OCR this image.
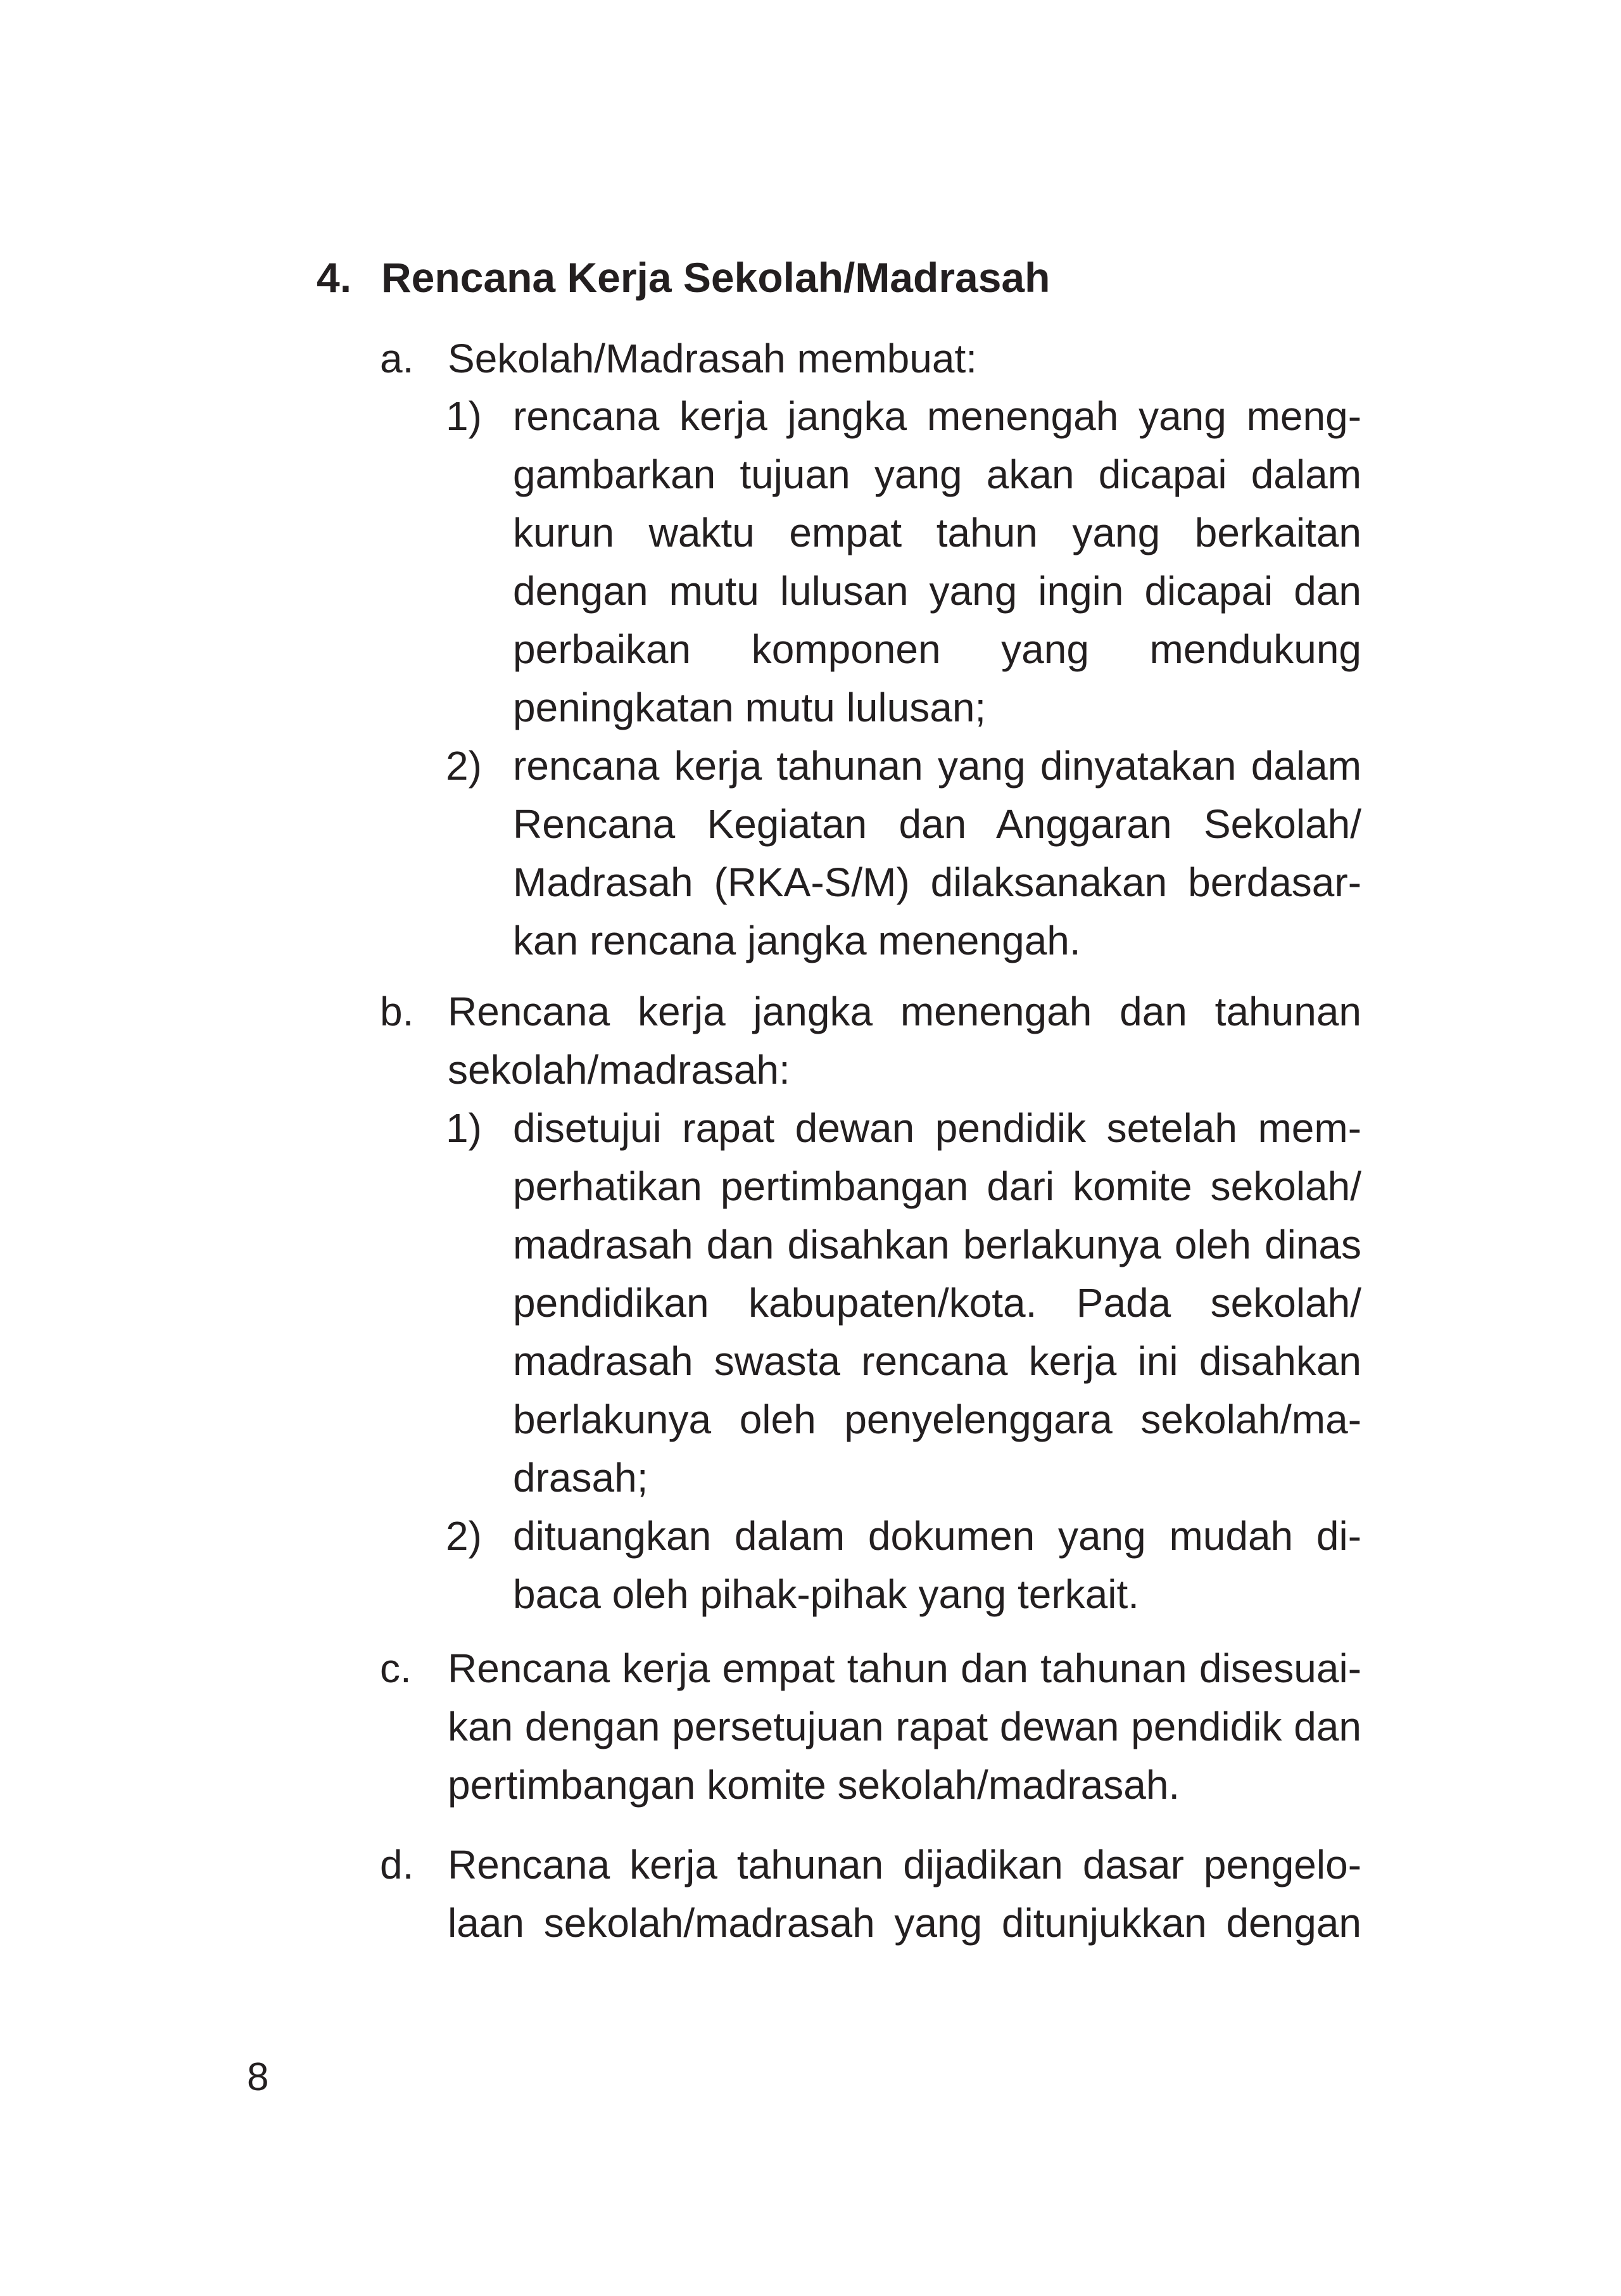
4. Rencana Kerja Sekolah/Madrasah
a. Sekolah/Madrasah membuat:
1) rencana kerja jangka menengah yang meng-
gambarkan tujuan yang akan dicapai dalam
kurun waktu empat tahun yang berkaitan
dengan mutu lulusan yang ingin dicapai dan
perbaikan komponen yang mendukung
peningkatan mutu lulusan;
2) rencana kerja tahunan yang dinyatakan dalam
Rencana Kegiatan dan Anggaran Sekolah/
Madrasah (RKA-S/M) dilaksanakan berdasar-
kan rencana jangka menengah.
b. Rencana kerja jangka menengah dan tahunan
sekolah/madrasah:
1) disetujui rapat dewan pendidik setelah mem-
perhatikan pertimbangan dari komite sekolah/
madrasah dan disahkan berlakunya oleh dinas
pendidikan kabupaten/kota. Pada sekolah/
madrasah swasta rencana kerja ini disahkan
berlakunya oleh penyelenggara sekolah/ma-
drasah;
2) dituangkan dalam dokumen yang mudah di-
baca oleh pihak-pihak yang terkait.
c. Rencana kerja empat tahun dan tahunan disesuai-
kan dengan persetujuan rapat dewan pendidik dan
pertimbangan komite sekolah/madrasah.
d. Rencana kerja tahunan dijadikan dasar pengelo-
laan sekolah/madrasah yang ditunjukkan dengan
8
